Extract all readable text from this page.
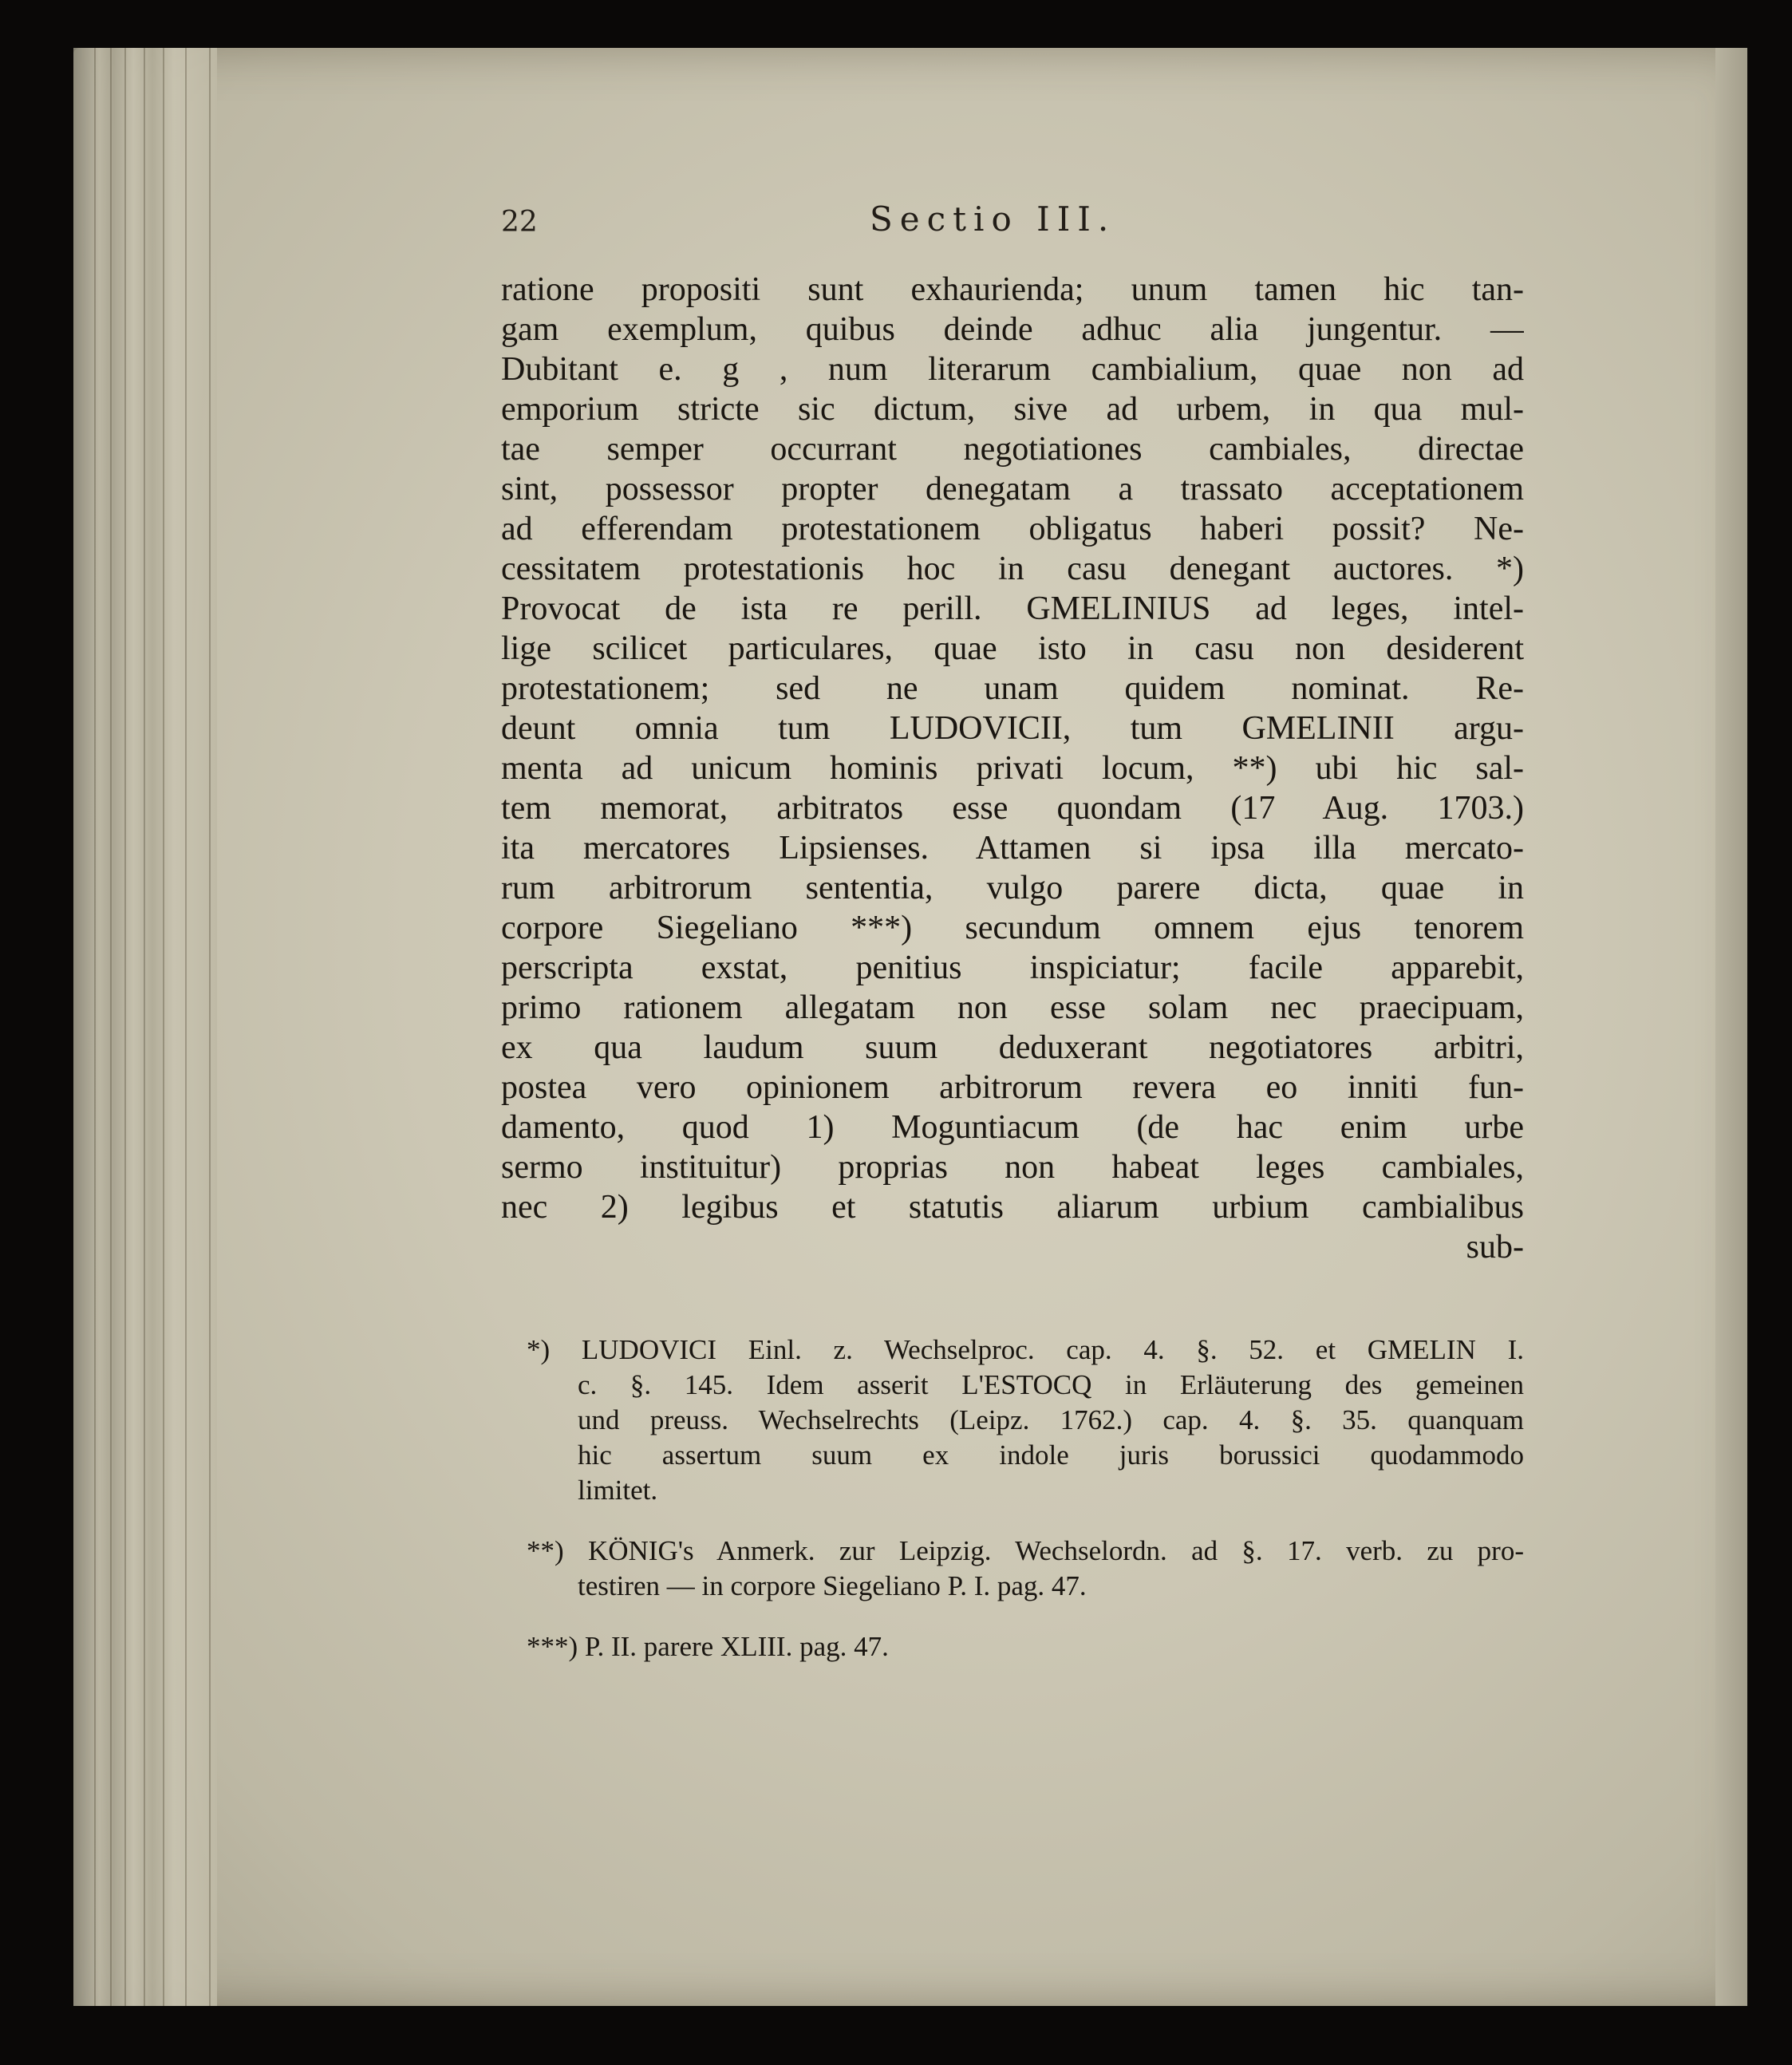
22	Sectio III.
ratione propositi sunt exhaurienda; unum tamen hic tan-
gam exemplum, quibus deinde adhuc alia jungentur. —
Dubitant e. g , num literarum cambialium, quae non ad
emporium stricte sic dictum, sive ad urbem, in qua mul-
tae semper occurrant negotiationes cambiales, directae
sint, possessor propter denegatam a trassato acceptationem
ad efferendam protestationem obligatus haberi possit? Ne-
cessitatem protestationis hoc in casu denegant auctores. *)
Provocat de ista re perill. GMELINIUS ad leges, intel-
lige scilicet particulares, quae isto in casu non desiderent
protestationem; sed ne unam quidem nominat. Re-
deunt omnia tum LUDOVICII, tum GMELINII argu-
menta ad unicum hominis privati locum, **) ubi hic sal-
tem memorat, arbitratos esse quondam (17 Aug. 1703.)
ita mercatores Lipsienses. Attamen si ipsa illa mercato-
rum arbitrorum sententia, vulgo parere dicta, quae in
corpore Siegeliano ***) secundum omnem ejus tenorem
perscripta exstat, penitius inspiciatur; facile apparebit,
primo rationem allegatam non esse solam nec praecipuam,
ex qua laudum suum deduxerant negotiatores arbitri,
postea vero opinionem arbitrorum revera eo inniti fun-
damento, quod 1) Moguntiacum (de hac enim urbe
sermo instituitur) proprias non habeat leges cambiales,
nec 2) legibus et statutis aliarum urbium cambialibus
sub-
*) LUDOVICI Einl. z. Wechselproc. cap. 4. §. 52. et GMELIN I.
c. §. 145. Idem asserit L'ESTOCQ in Erläuterung des gemeinen
und preuss. Wechselrechts (Leipz. 1762.) cap. 4. §. 35. quanquam
hic assertum suum ex indole juris borussici quodammodo
limitet.
**) KÖNIG's Anmerk. zur Leipzig. Wechselordn. ad §. 17. verb. zu pro-
testiren — in corpore Siegeliano P. I. pag. 47.
***) P. II. parere XLIII. pag. 47.
